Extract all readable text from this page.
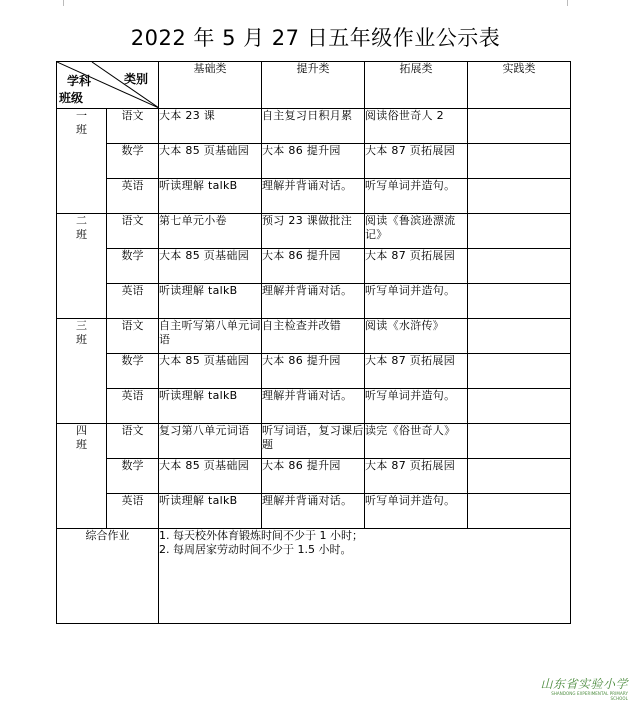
2022 年 5 月 27 日五年级作业公示表
学科 类别
班级		基础类	提升类	拓展类	实践类

一
班	语文	大本 23 课	自主复习日积月累	阅读俗世奇人 2	

	数学	大本 85 页基础园	大本 86 提升园	大本 87 页拓展园	

	英语	听读理解 talkB	理解并背诵对话。	听写单词并造句。	

二
班	语文	第七单元小卷	预习 23 课做批注	阅读《鲁滨逊漂流记》	

	数学	大本 85 页基础园	大本 86 提升园	大本 87 页拓展园	

	英语	听读理解 talkB	理解并背诵对话。	听写单词并造句。	

三
班	语文	自主听写第八单元词语	自主检查并改错	阅读《水浒传》	

	数学	大本 85 页基础园	大本 86 提升园	大本 87 页拓展园	

	英语	听读理解 talkB	理解并背诵对话。	听写单词并造句。	

四
班	语文	复习第八单元词语	听写词语，复习课后题	读完《俗世奇人》	

	数学	大本 85 页基础园	大本 86 提升园	大本 87 页拓展园	

	英语	听读理解 talkB	理解并背诵对话。	听写单词并造句。	

综合作业		1. 每天校外体育锻炼时间不少于 1 小时；
2. 每周居家劳动时间不少于 1.5 小时。			
山东省实验小学
SHANDONG EXPERIMENTAL PRIMARY SCHOOL
